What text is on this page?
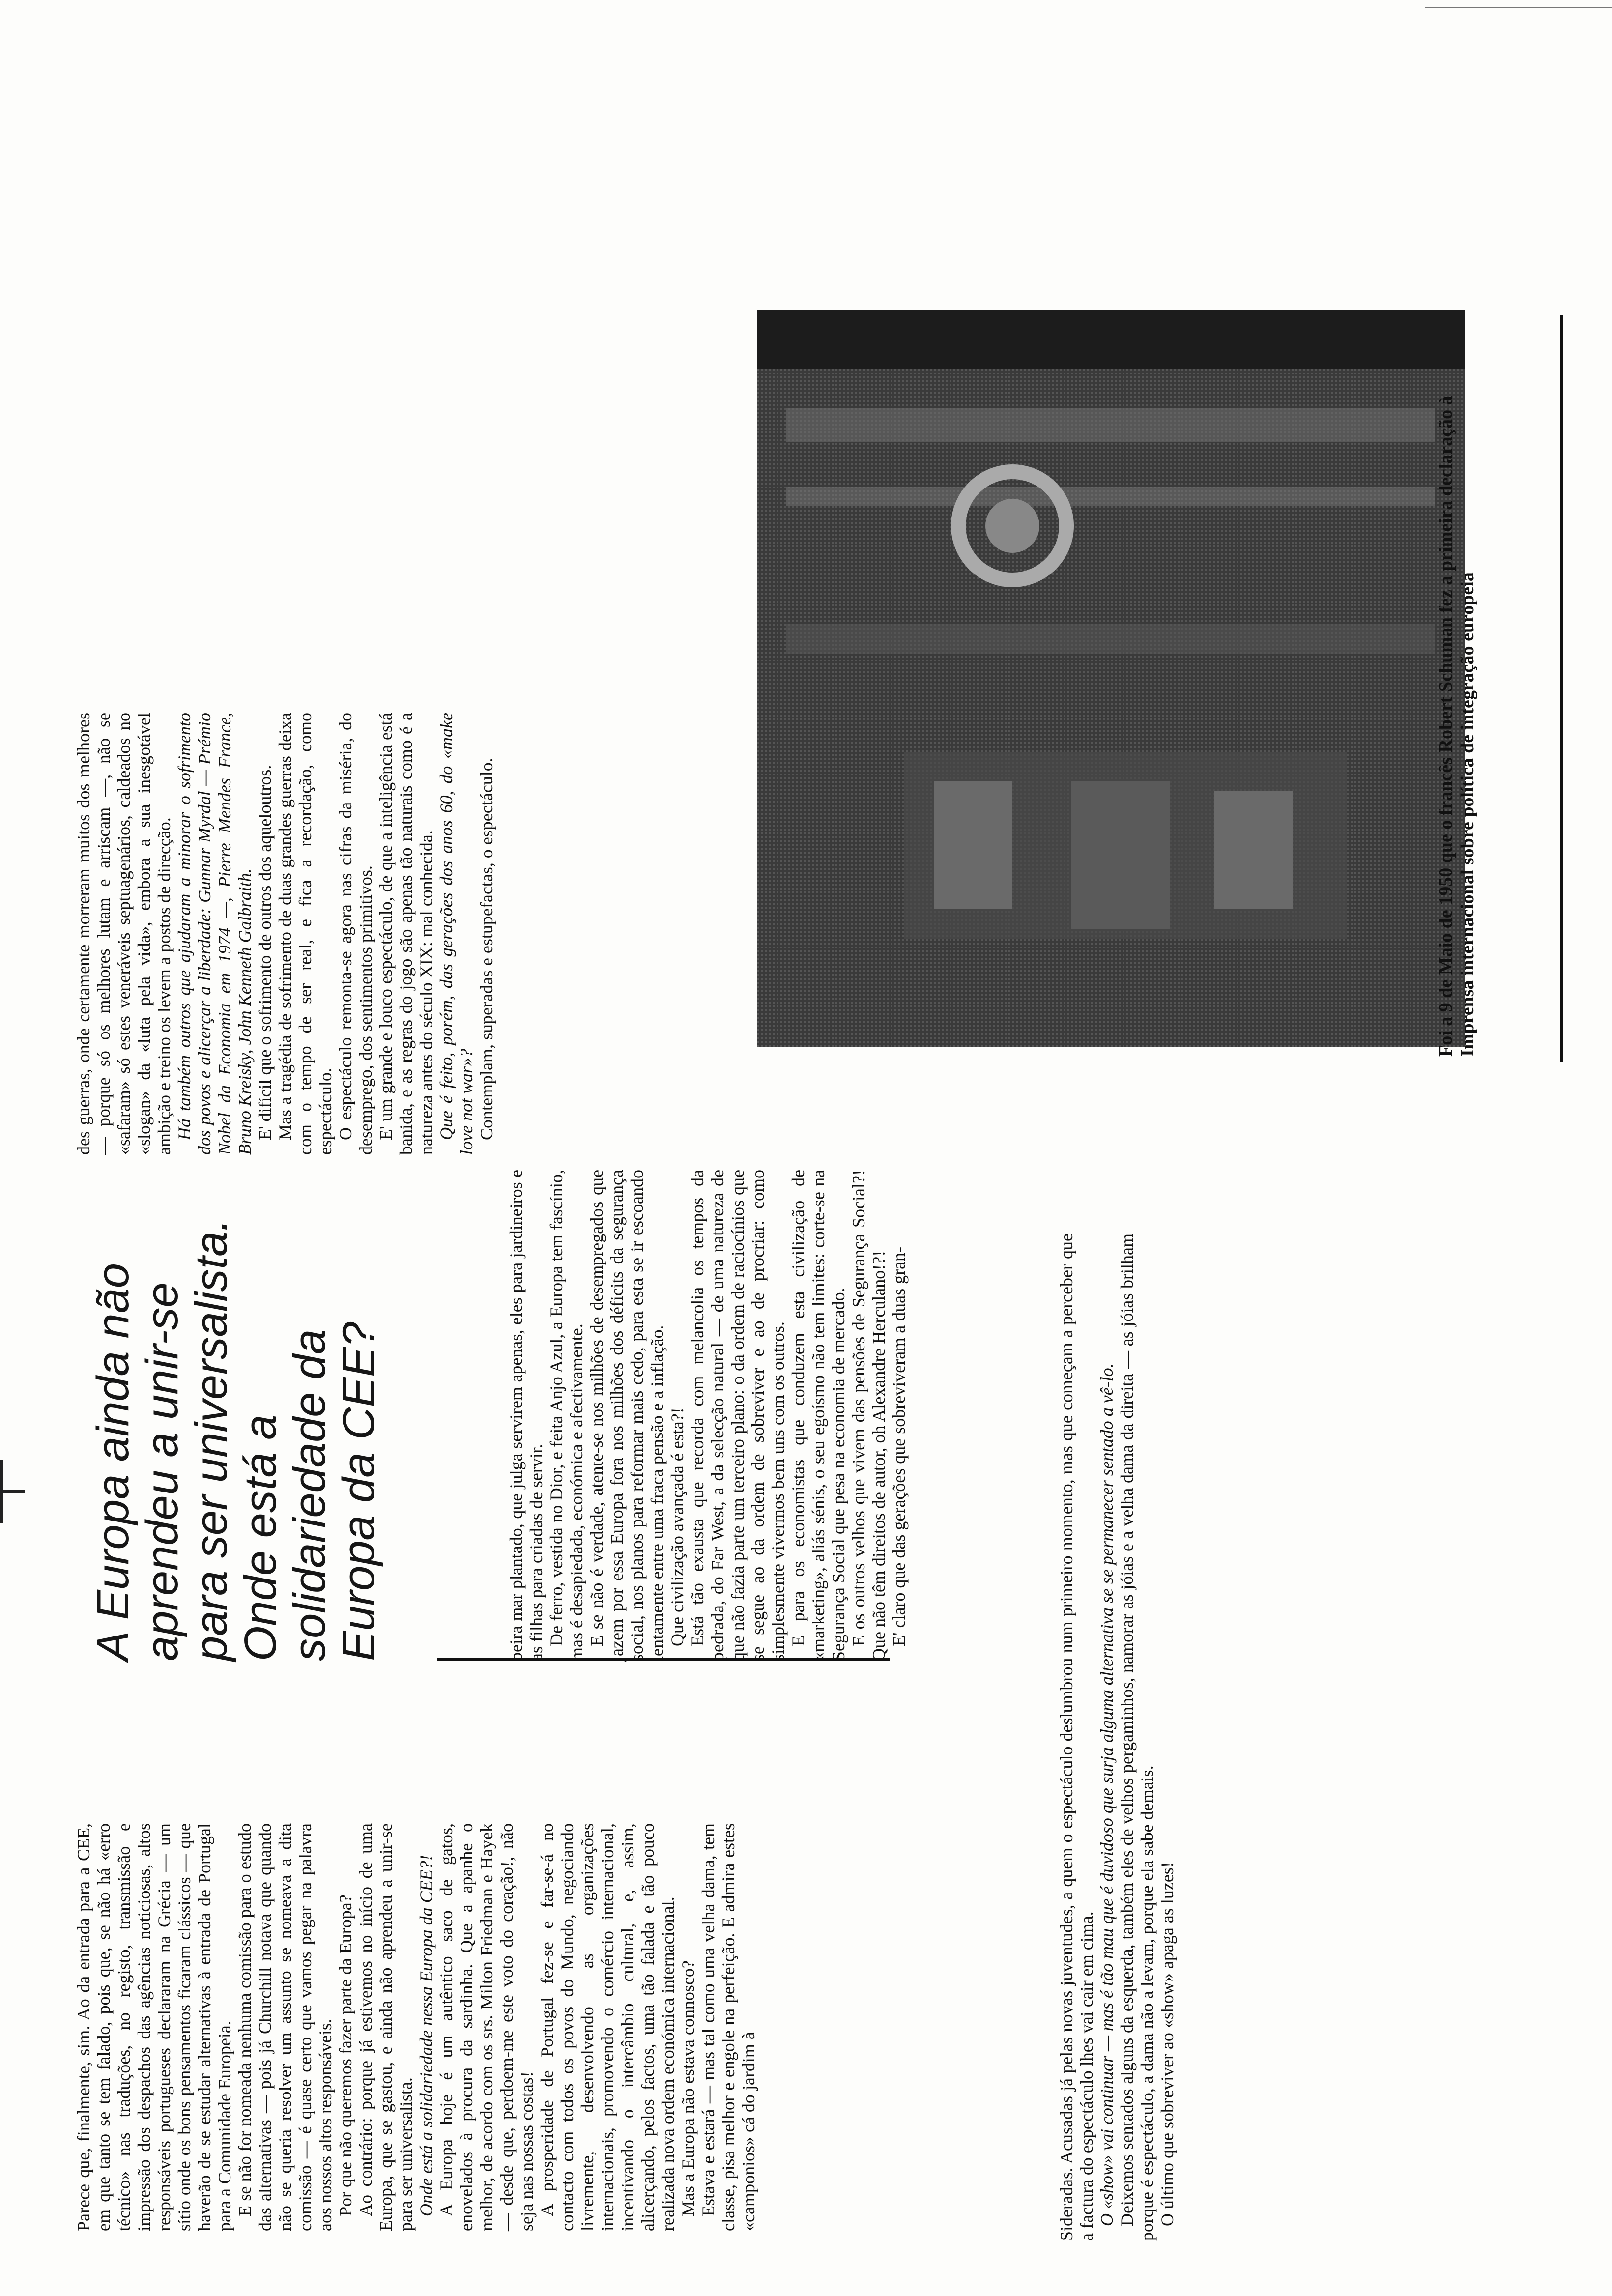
Parece que, finalmente, sim. Ao da entrada para a CEE, em que tanto se tem falado, pois que, se não há «erro técnico» nas traduções, no registo, transmissão e impressão dos despachos das agências noticiosas, altos responsáveis portugueses declararam na Grécia — um sítio onde os bons pensamentos ficaram clássicos — que haverão de se estudar alternativas à entrada de Portugal para a Comunidade Europeia. E se não for nomeada nenhuma comissão para o estudo das alternativas — pois já Churchill notava que quando não se queria resolver um assunto se nomeava a dita comissão — é quase certo que vamos pegar na palavra aos nossos altos responsáveis. Por que não queremos fazer parte da Europa? Ao contrário: porque já estivemos no início de uma Europa, que se gastou, e ainda não aprendeu a unir-se para ser universalista. Onde está a solidariedade nessa Europa da CEE?! A Europa hoje é um autêntico saco de gatos, enovelados à procura da sardinha. Que a apanhe o melhor, de acordo com os srs. Milton Friedman e Hayek — desde que, perdoem-me este voto do coração!, não seja nas nossas costas! A prosperidade de Portugal fez-se e far-se-á no contacto com todos os povos do Mundo, negociando livremente, desenvolvendo as organizações internacionais, promovendo o comércio internacional, incentivando o intercâmbio cultural, e, assim, alicerçando, pelos factos, uma tão falada e tão pouco realizada nova ordem económica internacional. Mas a Europa não estava connosco? Estava e estará — mas tal como uma velha dama, tem classe, pisa melhor e engole na perfeição. E admira estes «camponios» cá do jardim à

A Europa ainda não aprendeu a unir-se para ser universalista. Onde está a solidariedade da Europa da CEE?	beira mar plantado, que julga servirem apenas, eles para jardineiros e as filhas para criadas de servir. De ferro, vestida no Dior, e feita Anjo Azul, a Europa tem fascínio, mas é desapiedada, económica e afectivamente. E se não é verdade, atente-se nos milhões de desempregados que jazem por essa Europa fora nos milhões dos déficits da segurança social, nos planos para reformar mais cedo, para esta se ir escoando lentamente entre uma fraca pensão e a inflação. Que civilização avançada é esta?! Está tão exausta que recorda com melancolia os tempos da pedrada, do Far West, a da selecção natural — de uma natureza de que não fazia parte um terceiro plano: o da ordem de raciocínios que se segue ao da ordem de sobreviver e ao de procriar: como simplesmente vivermos bem uns com os outros. E para os economistas que conduzem esta civilização de «marketing», aliás sénis, o seu egoísmo não tem limites: corte-se na Segurança Social que pesa na economia de mercado. E os outros velhos que vivem das pensões de Segurança Social?! Que não têm direitos de autor, oh Alexandre Herculano!?! E' claro que das gerações que sobreviveram a duas gran-

des guerras, onde certamente morreram muitos dos melhores — porque só os melhores lutam e arriscam —, não se «safaram» só estes veneráveis septuagenários, caldeados no «slogan» da «luta pela vida», embora a sua inesgotável ambição e treino os levem a postos de direcção. Há também outros que ajudaram a minorar o sofrimento dos povos e alicerçar a liberdade: Gunnar Myrdal — Prémio Nobel da Economia em 1974 —, Pierre Mendes France, Bruno Kreisky, John Kenneth Galbraith. E' difícil que o sofrimento de outros dos aqueloutros. Mas a tragédia de sofrimento de duas grandes guerras deixa com o tempo de ser real, e fica a recordação, como espectáculo. O espectáculo remonta-se agora nas cifras da miséria, do desemprego, dos sentimentos primitivos. E' um grande e louco espectáculo, de que a inteligência está banida, e as regras do jogo são apenas tão naturais como é a natureza antes do século XIX: mal conhecida. Que é feito, porém, das gerações dos anos 60, do «make love not war»? Contemplam, superadas e estupefactas, o espectáculo.

Sideradas. Acusadas já pelas novas juventudes, a quem o espectáculo deslumbrou num primeiro momento, mas que começam a perceber que a factura do espectáculo lhes vai cair em cima. O «show» vai continuar — mas é tão mau que é duvidoso que surja alguma alternativa se se permanecer sentado a vê-lo. Deixemos sentados alguns da esquerda, também eles de velhos pergaminhos, namorar as jóias e a velha dama da direita — as jóias brilham porque é espectáculo, a dama não a levam, porque ela sabe demais. O último que sobreviver ao «show» apaga as luzes!

Foi a 9 de Maio de 1950 que o francês Robert Schuman fez a primeira declaração à Imprensa internacional sobre política de integração europeia
